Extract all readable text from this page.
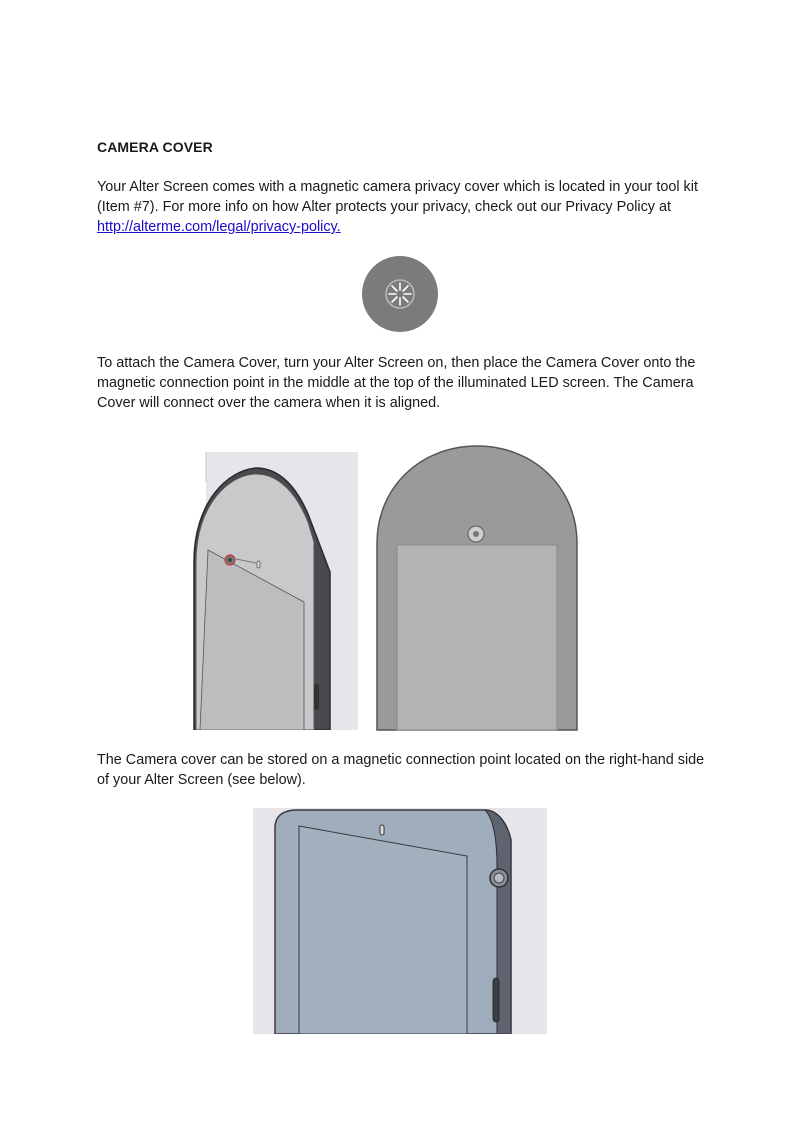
CAMERA COVER
Your Alter Screen comes with a magnetic camera privacy cover which is located in your tool kit (Item #7). For more info on how Alter protects your privacy, check out our Privacy Policy at http://alterme.com/legal/privacy-policy.
To attach the Camera Cover, turn your Alter Screen on, then place the Camera Cover onto the magnetic connection point in the middle at the top of the illuminated LED screen. The Camera Cover will connect over the camera when it is aligned.
The Camera cover can be stored on a magnetic connection point located on the right-hand side of your Alter Screen (see below).
